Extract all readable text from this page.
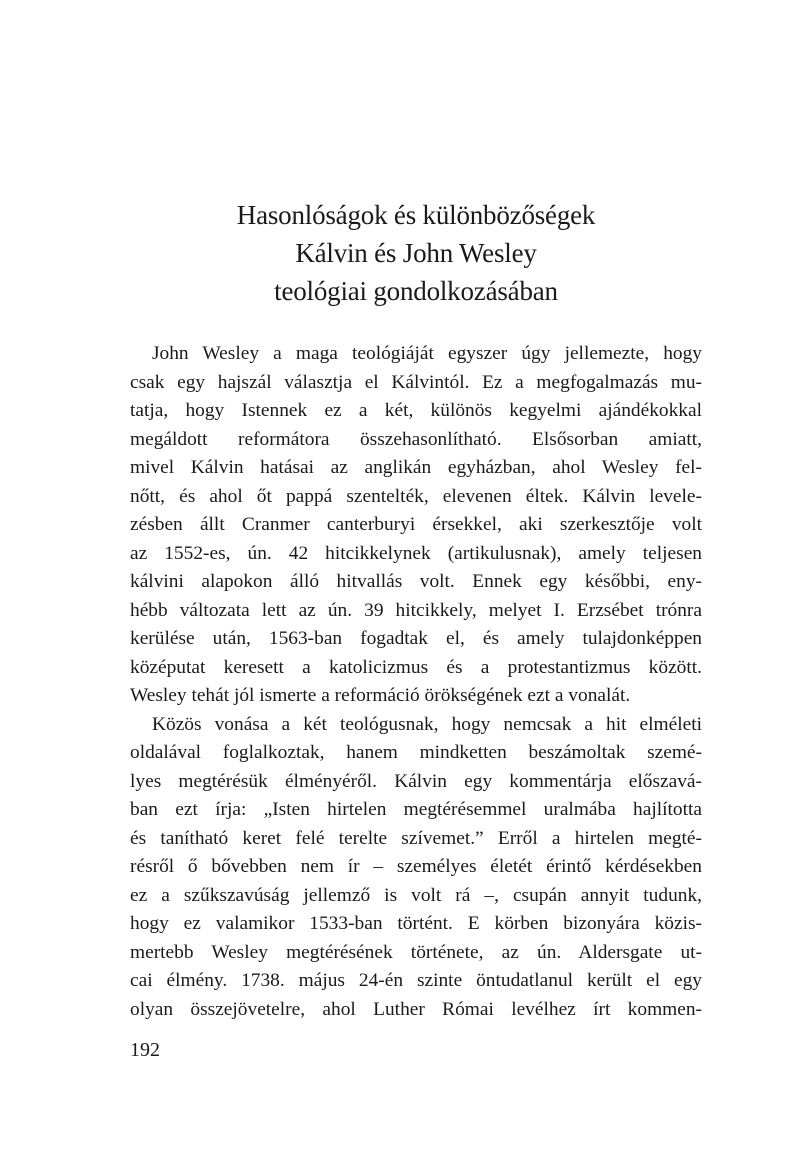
Hasonlóságok és különbözőségek
Kálvin és John Wesley
teológiai gondolkozásában
John Wesley a maga teológiáját egyszer úgy jellemezte, hogy
csak egy hajszál választja el Kálvintól. Ez a megfogalmazás mu-
tatja, hogy Istennek ez a két, különös kegyelmi ajándékokkal
megáldott reformátora összehasonlítható. Elsősorban amiatt,
mivel Kálvin hatásai az anglikán egyházban, ahol Wesley fel-
nőtt, és ahol őt pappá szentelték, elevenen éltek. Kálvin levele-
zésben állt Cranmer canterburyi érsekkel, aki szerkesztője volt
az 1552-es, ún. 42 hitcikkelynek (artikulusnak), amely teljesen
kálvini alapokon álló hitvallás volt. Ennek egy későbbi, eny-
hébb változata lett az ún. 39 hitcikkely, melyet I. Erzsébet trónra
kerülése után, 1563-ban fogadtak el, és amely tulajdonképpen
középutat keresett a katolicizmus és a protestantizmus között.
Wesley tehát jól ismerte a reformáció örökségének ezt a vonalát.
Közös vonása a két teológusnak, hogy nemcsak a hit elméleti
oldalával foglalkoztak, hanem mindketten beszámoltak szemé-
lyes megtérésük élményéről. Kálvin egy kommentárja előszavá-
ban ezt írja: „Isten hirtelen megtérésemmel uralmába hajlította
és tanítható keret felé terelte szívemet.” Erről a hirtelen megté-
résről ő bővebben nem ír – személyes életét érintő kérdésekben
ez a szűkszavúság jellemző is volt rá –, csupán annyit tudunk,
hogy ez valamikor 1533-ban történt. E körben bizonyára közis-
mertebb Wesley megtérésének története, az ún. Aldersgate ut-
cai élmény. 1738. május 24-én szinte öntudatlanul került el egy
olyan összejövetelre, ahol Luther Római levélhez írt kommen-
192
